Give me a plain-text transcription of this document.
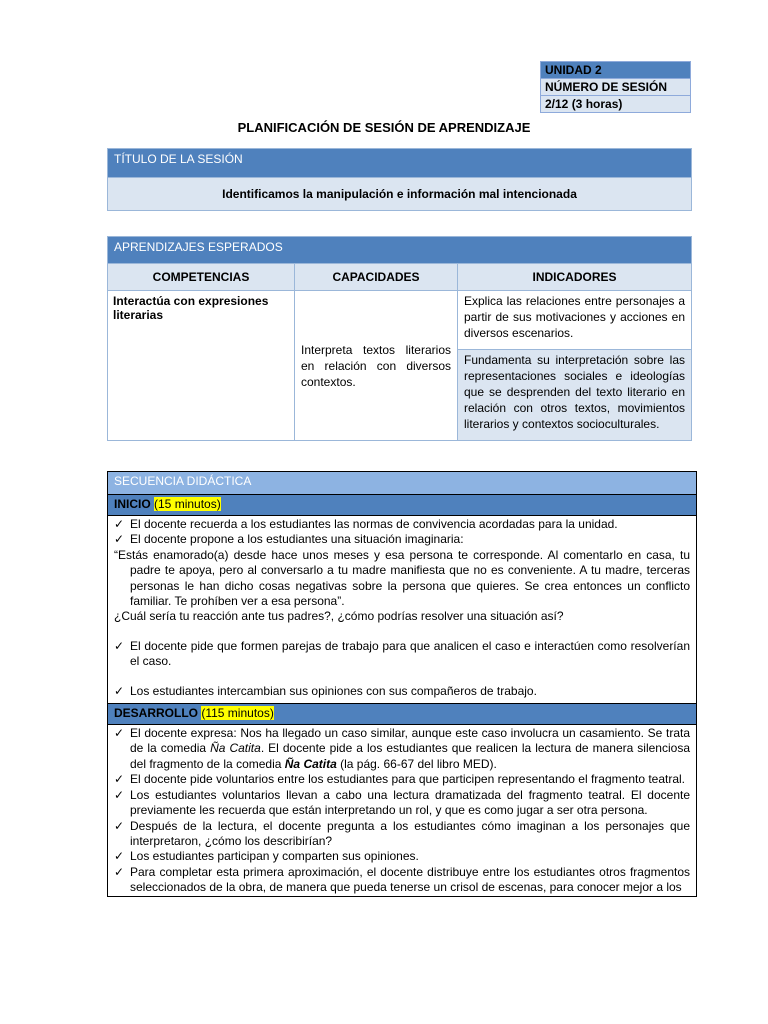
UNIDAD 2
NÚMERO DE SESIÓN
2/12 (3 horas)
PLANIFICACIÓN DE SESIÓN DE APRENDIZAJE
TÍTULO DE LA SESIÓN
Identificamos la manipulación e información mal intencionada
APRENDIZAJES ESPERADOS		
COMPETENCIAS	CAPACIDADES	INDICADORES
Interactúa con expresiones literarias	Interpreta textos literarios en relación con diversos contextos.	Explica las relaciones entre personajes a partir de sus motivaciones y acciones en diversos escenarios.
		Fundamenta su interpretación sobre las representaciones sociales e ideologías que se desprenden del texto literario en relación con otros textos, movimientos literarios y contextos socioculturales.
SECUENCIA DIDÁCTICA
INICIO (15 minutos)
✓ El docente recuerda a los estudiantes las normas de convivencia acordadas para la unidad.
✓ El docente propone a los estudiantes una situación imaginaria:
“Estás enamorado(a) desde hace unos meses y esa persona te corresponde. Al comentarlo en casa, tu padre te apoya, pero al conversarlo a tu madre manifiesta que no es conveniente. A tu madre, terceras personas le han dicho cosas negativas sobre la persona que quieres. Se crea entonces un conflicto familiar. Te prohíben ver a esa persona”.
¿Cuál sería tu reacción ante tus padres?, ¿cómo podrías resolver una situación así?
✓ El docente pide que formen parejas de trabajo para que analicen el caso e interactúen como resolverían el caso.
✓ Los estudiantes intercambian sus opiniones con sus compañeros de trabajo.
DESARROLLO (115 minutos)
✓ El docente expresa: Nos ha llegado un caso similar, aunque este caso involucra un casamiento. Se trata de la comedia Ña Catita. El docente pide a los estudiantes que realicen la lectura de manera silenciosa del fragmento de la comedia Ña Catita (la pág. 66-67 del libro MED).
✓ El docente pide voluntarios entre los estudiantes para que participen representando el fragmento teatral.
✓ Los estudiantes voluntarios llevan a cabo una lectura dramatizada del fragmento teatral. El docente previamente les recuerda que están interpretando un rol, y que es como jugar a ser otra persona.
✓ Después de la lectura, el docente pregunta a los estudiantes cómo imaginan a los personajes que interpretaron, ¿cómo los describirían?
✓ Los estudiantes participan y comparten sus opiniones.
✓ Para completar esta primera aproximación, el docente distribuye entre los estudiantes otros fragmentos seleccionados de la obra, de manera que pueda tenerse un crisol de escenas, para conocer mejor a los
